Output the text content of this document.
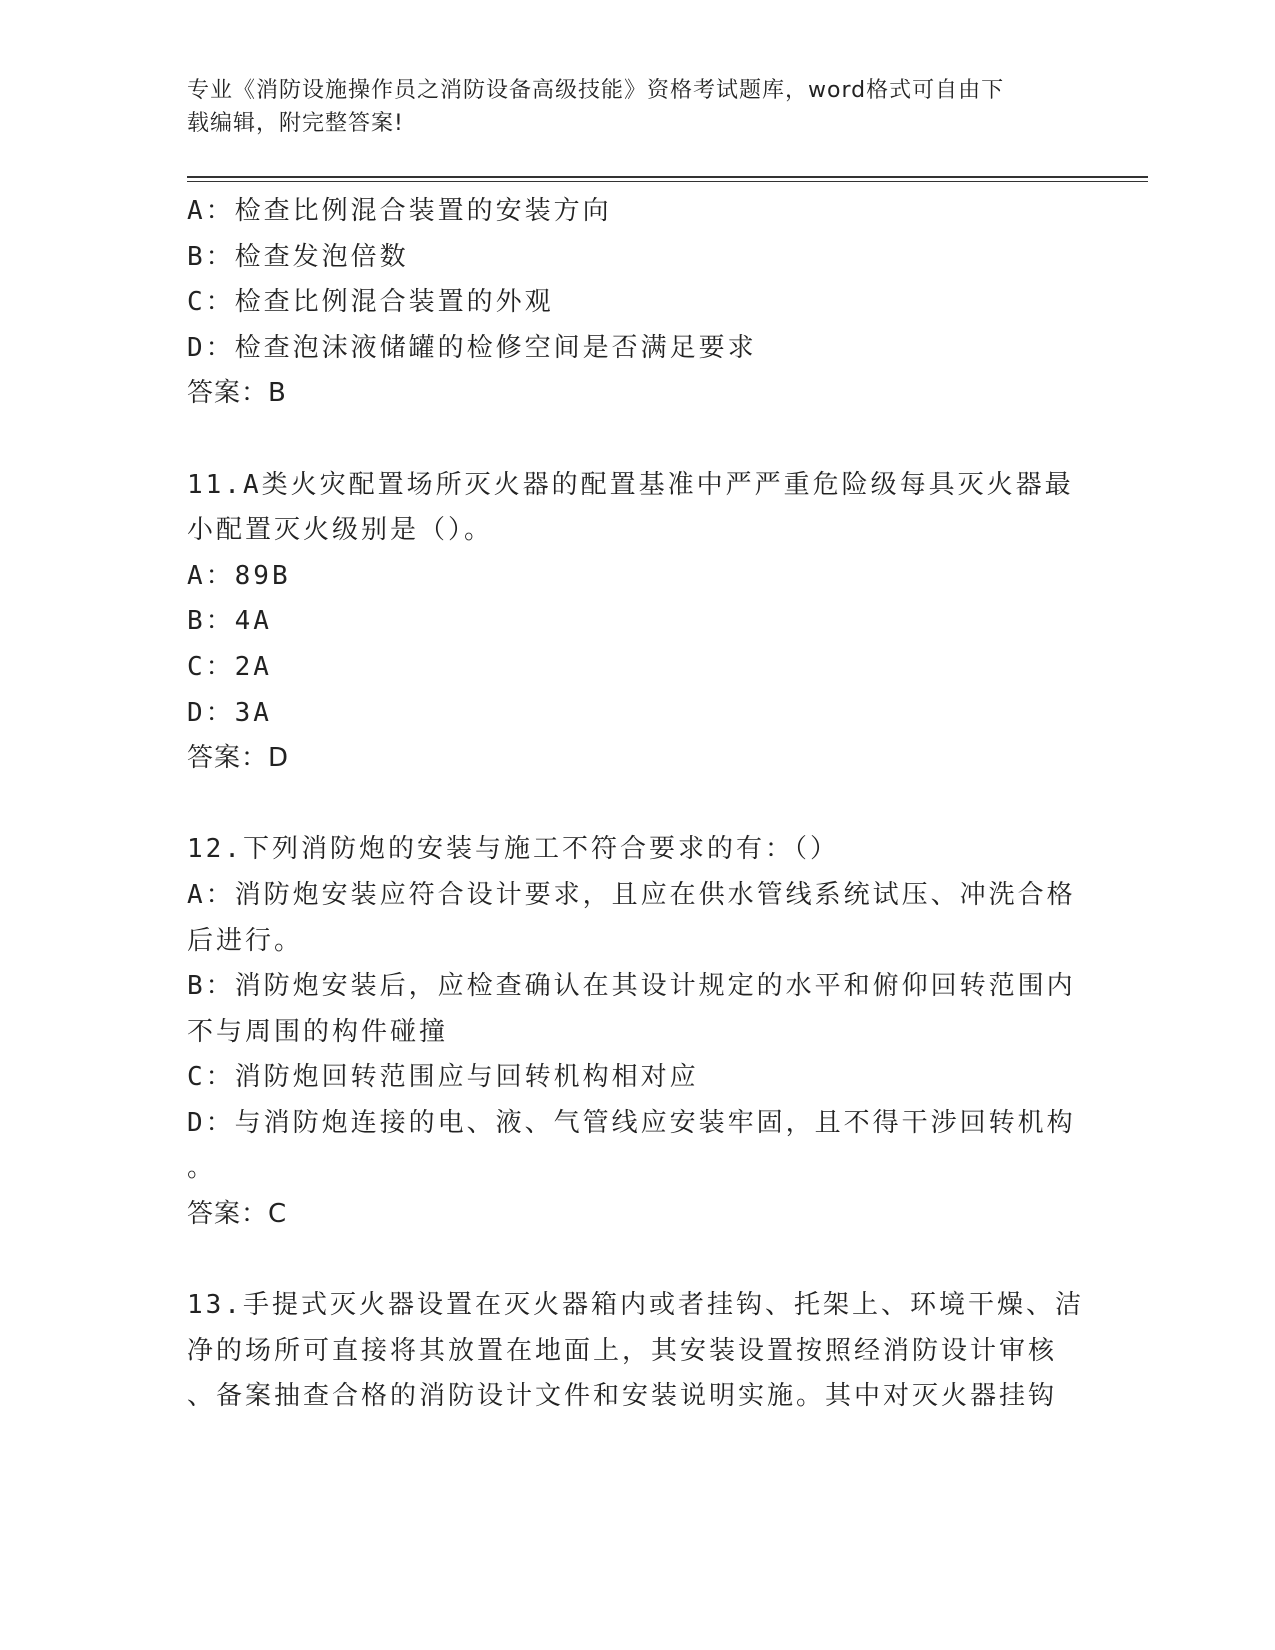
专业《消防设施操作员之消防设备高级技能》资格考试题库，word格式可自由下
载编辑，附完整答案!
A：检查比例混合装置的安装方向
B：检查发泡倍数
C：检查比例混合装置的外观
D：检查泡沫液储罐的检修空间是否满足要求
答案：B
11.A类火灾配置场所灭火器的配置基准中严严重危险级每具灭火器最
小配置灭火级别是（）。
A：89B
B：4A
C：2A
D：3A
答案：D
12.下列消防炮的安装与施工不符合要求的有：（）
A：消防炮安装应符合设计要求，且应在供水管线系统试压、冲洗合格
后进行。
B：消防炮安装后，应检查确认在其设计规定的水平和俯仰回转范围内
不与周围的构件碰撞
C：消防炮回转范围应与回转机构相对应
D：与消防炮连接的电、液、气管线应安装牢固，且不得干涉回转机构
。
答案：C
13.手提式灭火器设置在灭火器箱内或者挂钩、托架上、环境干燥、洁
净的场所可直接将其放置在地面上，其安装设置按照经消防设计审核
、备案抽查合格的消防设计文件和安装说明实施。其中对灭火器挂钩
